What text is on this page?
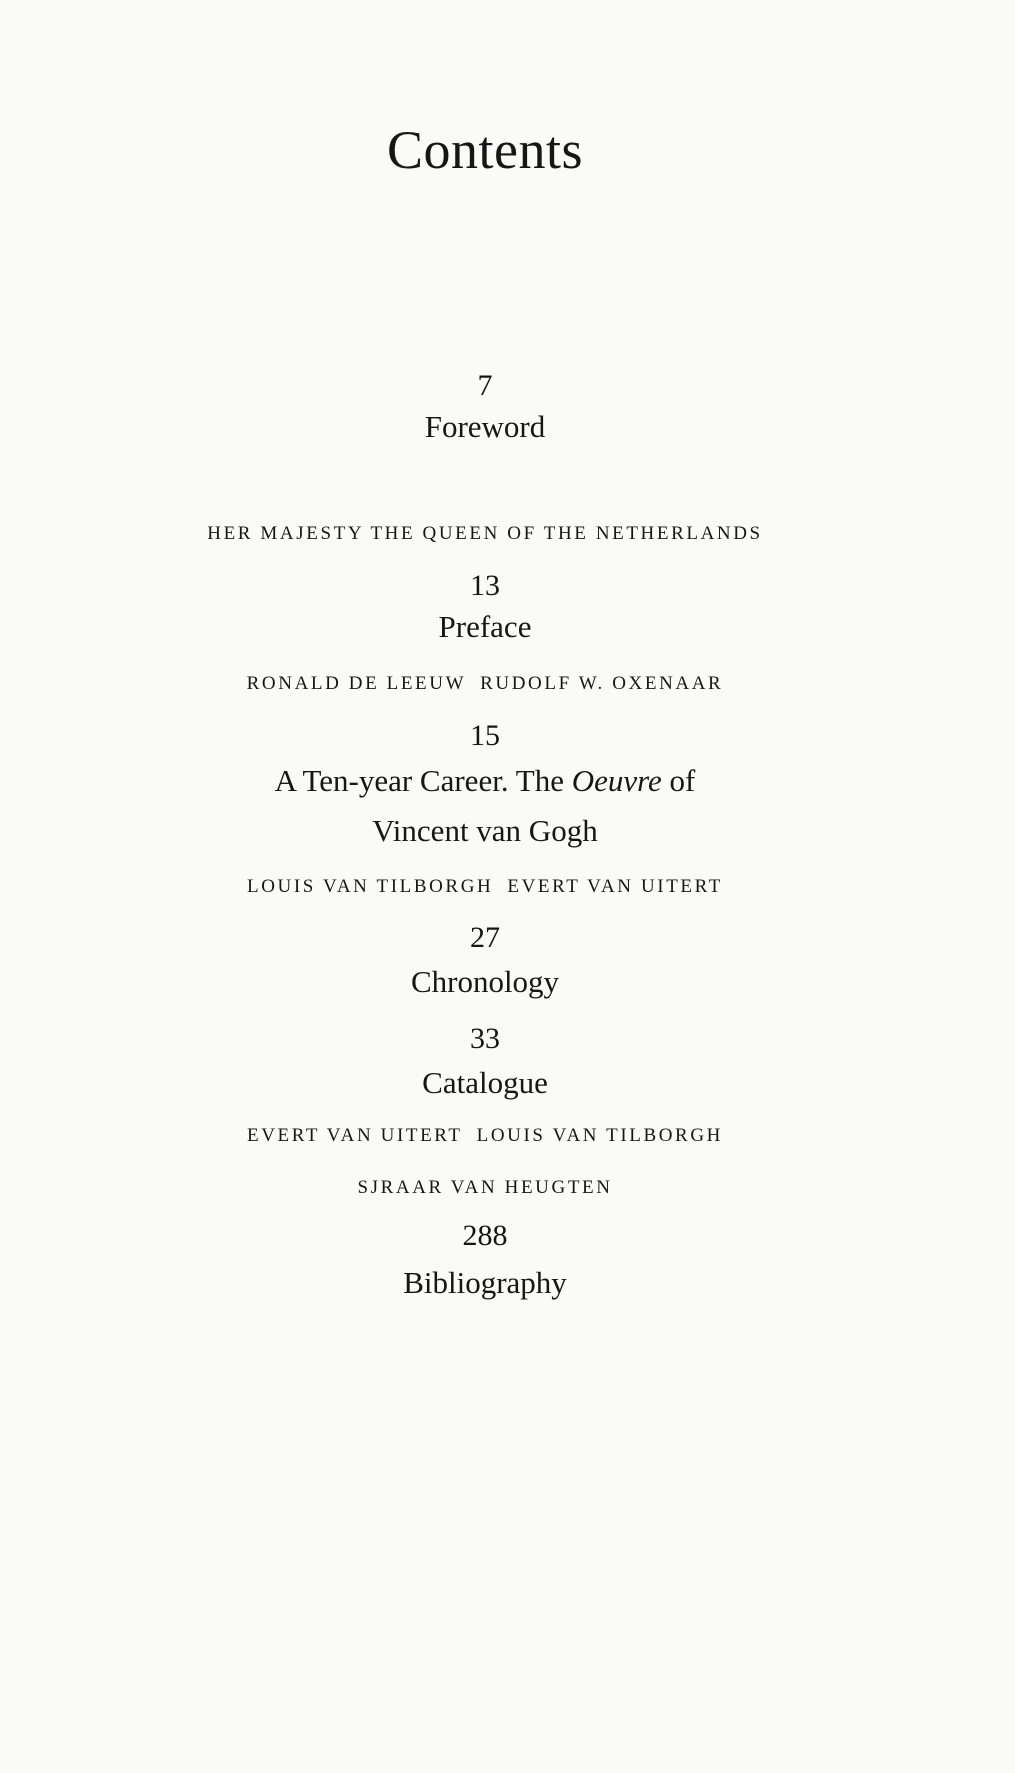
Contents
7
Foreword
HER MAJESTY THE QUEEN OF THE NETHERLANDS
13
Preface
RONALD DE LEEUW RUDOLF W. OXENAAR
15
A Ten-year Career. The Oeuvre of
Vincent van Gogh
LOUIS VAN TILBORGH EVERT VAN UITERT
27
Chronology
33
Catalogue
EVERT VAN UITERT LOUIS VAN TILBORGH
SJRAAR VAN HEUGTEN
288
Bibliography
